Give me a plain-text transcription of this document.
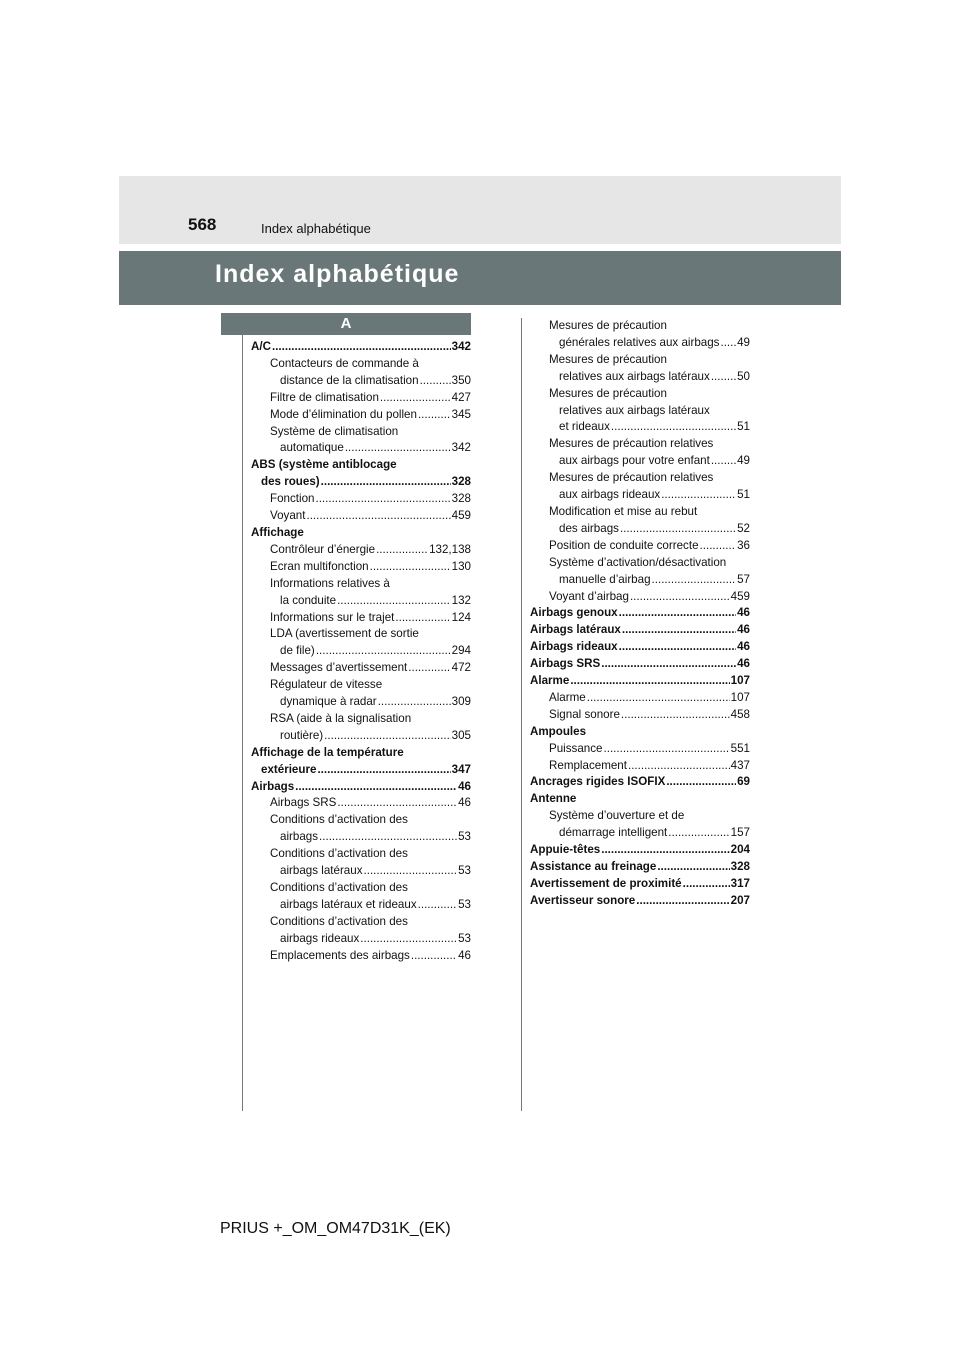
568	Index alphabétique
Index alphabétique
A
A/C .....	342
Contacteurs de commande à
distance de la climatisation .....	350
Filtre de climatisation .....	427
Mode d’élimination du pollen .....	345
Système de climatisation
automatique .....	342
ABS (système antiblocage
des roues) .....	328
Fonction .....	328
Voyant .....	459
Affichage
Contrôleur d’énergie .....	132,138
Ecran multifonction .....	130
Informations relatives à
la conduite .....	132
Informations sur le trajet .....	124
LDA (avertissement de sortie
de file) .....	294
Messages d’avertissement .....	472
Régulateur de vitesse
dynamique à radar .....	309
RSA (aide à la signalisation
routière) .....	305
Affichage de la température
extérieure .....	347
Airbags .....	46
Airbags SRS .....	46
Conditions d’activation des
airbags .....	53
Conditions d’activation des
airbags latéraux .....	53
Conditions d’activation des
airbags latéraux et rideaux .....	53
Conditions d’activation des
airbags rideaux .....	53
Emplacements des airbags .....	46
Mesures de précaution
générales relatives aux airbags ..... 49
Mesures de précaution
relatives aux airbags latéraux ..... 50
Mesures de précaution
relatives aux airbags latéraux
et rideaux .....	51
Mesures de précaution relatives
aux airbags pour votre enfant ..... 49
Mesures de précaution relatives
aux airbags rideaux .....	51
Modification et mise au rebut
des airbags .....	52
Position de conduite correcte .....	36
Système d’activation/désactivation
manuelle d’airbag .....	57
Voyant d’airbag .....	459
Airbags genoux .....	46
Airbags latéraux .....	46
Airbags rideaux .....	46
Airbags SRS .....	46
Alarme .....	107
Alarme .....	107
Signal sonore .....	458
Ampoules
Puissance .....	551
Remplacement .....	437
Ancrages rigides ISOFIX .....	69
Antenne
Système d’ouverture et de
démarrage intelligent .....	157
Appuie-têtes .....	204
Assistance au freinage .....	328
Avertissement de proximité .....	317
Avertisseur sonore .....	207
PRIUS +_OM_OM47D31K_(EK)
